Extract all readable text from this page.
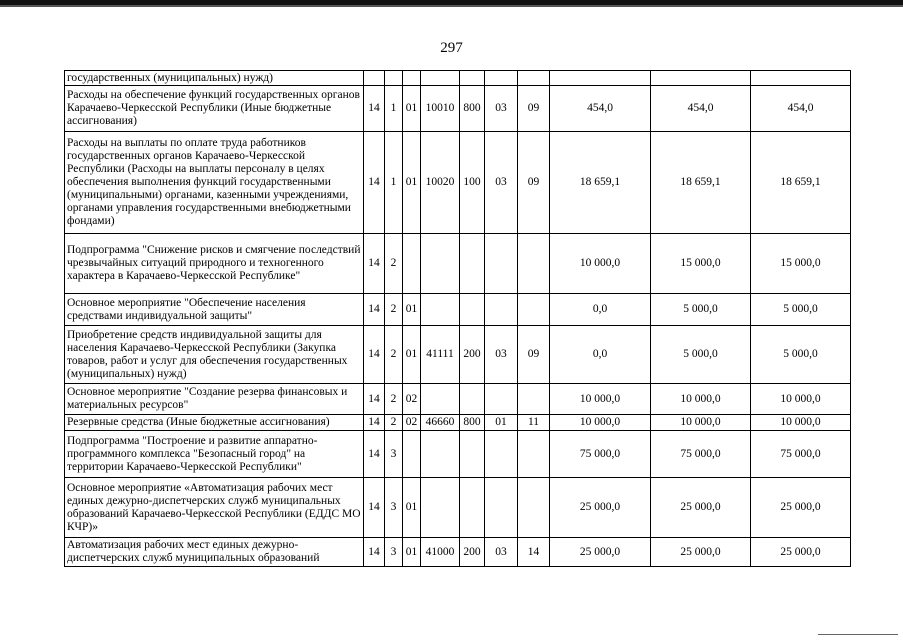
297
государственных (муниципальных) нужд)										
Расходы на обеспечение функций государственных органов Карачаево-Черкесской Республики (Иные бюджетные ассигнования)	14	1	01	10010	800	03	09	454,0	454,0	454,0
Расходы на выплаты по оплате труда работников государственных органов Карачаево-Черкесской Республики (Расходы на выплаты персоналу в целях обеспечения выполнения функций государственными (муниципальными) органами, казенными учреждениями, органами управления государственными внебюджетными фондами)	14	1	01	10020	100	03	09	18 659,1	18 659,1	18 659,1
Подпрограмма "Снижение рисков и смягчение последствий чрезвычайных ситуаций природного и техногенного характера в Карачаево-Черкесской Республике"	14	2						10 000,0	15 000,0	15 000,0
Основное мероприятие "Обеспечение населения средствами индивидуальной защиты"	14	2	01					0,0	5 000,0	5 000,0
Приобретение средств индивидуальной защиты для населения Карачаево-Черкесской Республики (Закупка товаров, работ и услуг для обеспечения государственных (муниципальных) нужд)	14	2	01	41111	200	03	09	0,0	5 000,0	5 000,0
Основное мероприятие "Создание резерва финансовых и материальных ресурсов"	14	2	02					10 000,0	10 000,0	10 000,0
Резервные средства (Иные бюджетные ассигнования)	14	2	02	46660	800	01	11	10 000,0	10 000,0	10 000,0
Подпрограмма "Построение и развитие аппаратно-программного комплекса "Безопасный город" на территории Карачаево-Черкесской Республики"	14	3						75 000,0	75 000,0	75 000,0
Основное мероприятие «Автоматизация рабочих мест единых дежурно-диспетчерских служб муниципальных образований Карачаево-Черкесской Республики (ЕДДС МО КЧР)»	14	3	01					25 000,0	25 000,0	25 000,0
Автоматизация рабочих мест единых дежурно-диспетчерских служб муниципальных образований	14	3	01	41000	200	03	14	25 000,0	25 000,0	25 000,0
